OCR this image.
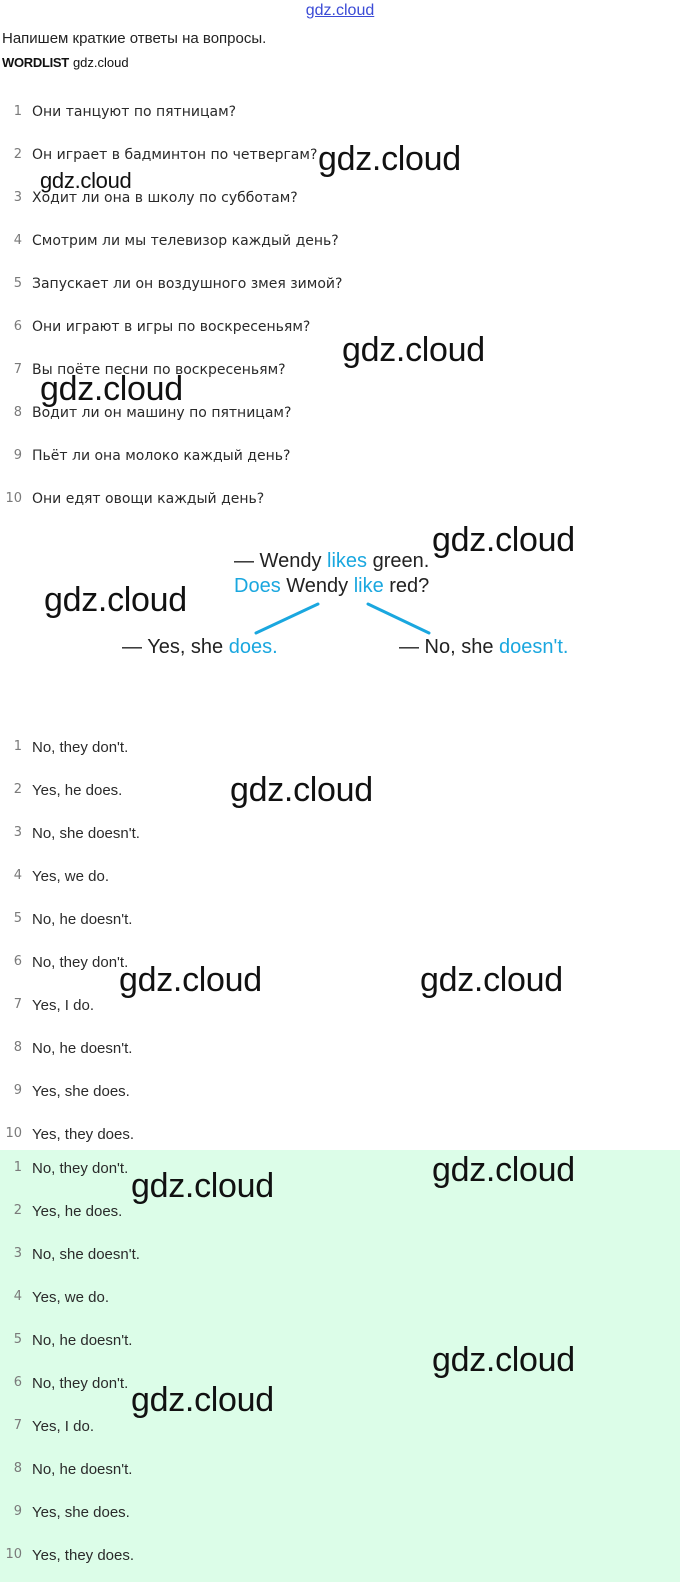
gdz.cloud
Напишем краткие ответы на вопросы.
WORDLIST gdz.cloud
1 Они танцуют по пятницам?
2 Он играет в бадминтон по четвергам?
3 Ходит ли она в школу по субботам?
4 Смотрим ли мы телевизор каждый день?
5 Запускает ли он воздушного змея зимой?
6 Они играют в игры по воскресеньям?
7 Вы поёте песни по воскресеньям?
8 Водит ли он машину по пятницам?
9 Пьёт ли она молоко каждый день?
10 Они едят овощи каждый день?
— Wendy likes green.
Does Wendy like red?
— Yes, she does.	— No, she doesn't.
1 No, they don't.
2 Yes, he does.
3 No, she doesn't.
4 Yes, we do.
5 No, he doesn't.
6 No, they don't.
7 Yes, I do.
8 No, he doesn't.
9 Yes, she does.
10 Yes, they does.
1 No, they don't.
2 Yes, he does.
3 No, she doesn't.
4 Yes, we do.
5 No, he doesn't.
6 No, they don't.
7 Yes, I do.
8 No, he doesn't.
9 Yes, she does.
10 Yes, they does.
gdz.cloud
gdz.cloud
gdz.cloud
gdz.cloud
gdz.cloud
gdz.cloud
gdz.cloud
gdz.cloud	gdz.cloud
gdz.cloud
gdz.cloud
gdz.cloud
gdz.cloud
